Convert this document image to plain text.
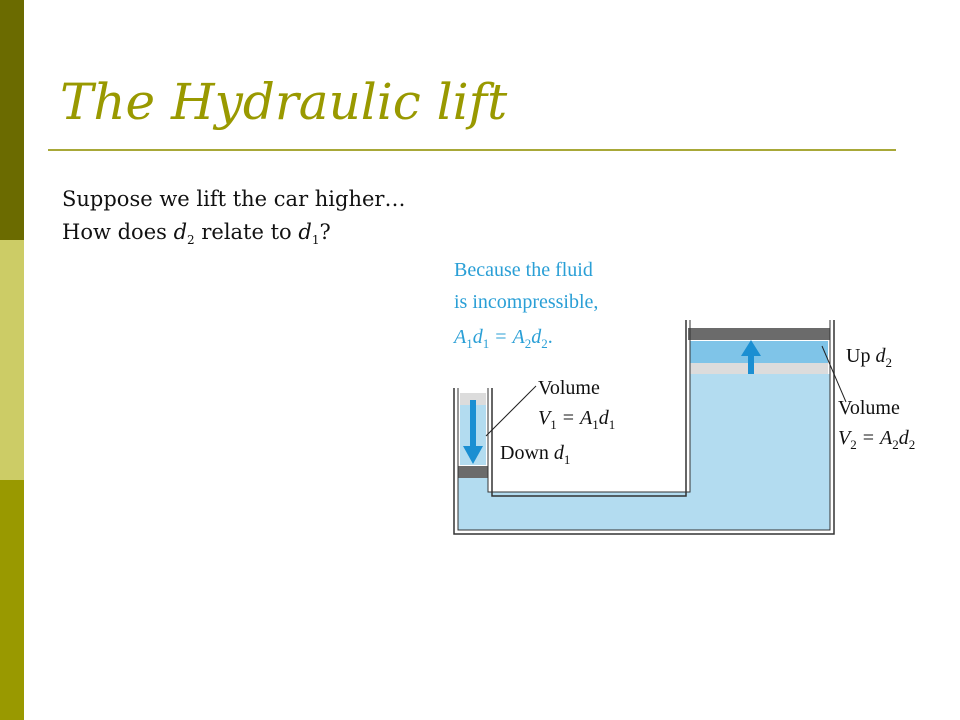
The Hydraulic lift
Suppose we lift the car higher…
How does $d_2$ relate to $d_1$?
Because the fluid
is incompressible,
$A_1d_1 = A_2d_2$.
Up $d_2$
Volume
$V_2 = A_2d_2$
Volume
$V_1 = A_1d_1$
Down $d_1$
